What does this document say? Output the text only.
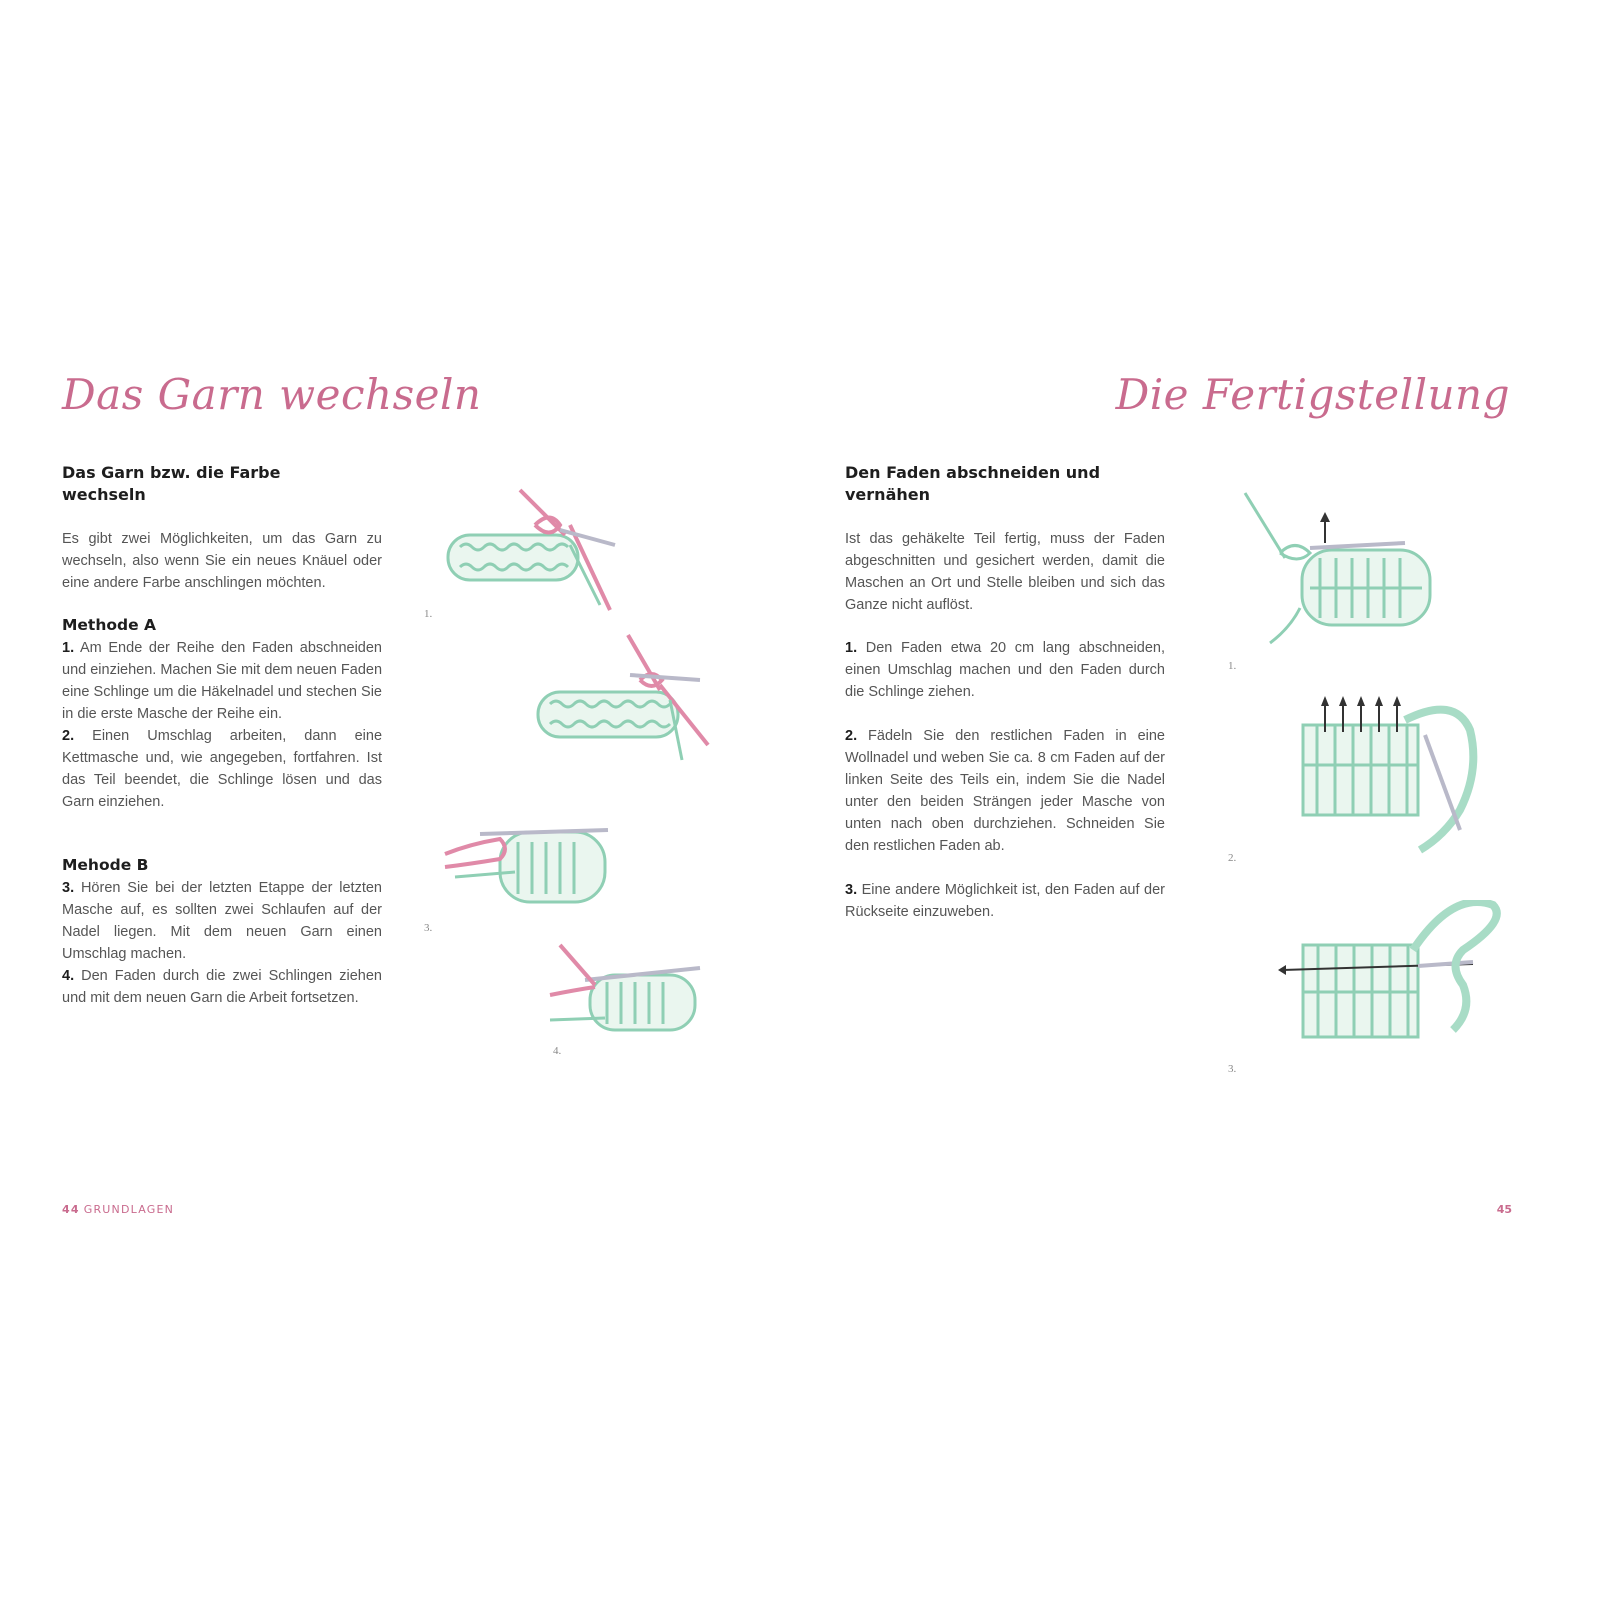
Das Garn wechseln
Das Garn bzw. die Farbe
wechseln

Es gibt zwei Möglichkeiten, um das Garn zu wechseln, also wenn Sie ein neues Knäuel oder eine andere Farbe anschlingen möchten.

Methode A
1. Am Ende der Reihe den Faden abschneiden und einziehen. Machen Sie mit dem neuen Faden eine Schlinge um die Häkelnadel und stechen Sie in die erste Masche der Reihe ein.
2. Einen Umschlag arbeiten, dann eine Kettmasche und, wie angegeben, fortfahren. Ist das Teil beendet, die Schlinge lösen und das Garn einziehen.
Mehode B
3. Hören Sie bei der letzten Etappe der letzten Masche auf, es sollten zwei Schlaufen auf der Nadel liegen. Mit dem neuen Garn einen Umschlag machen.
4. Den Faden durch die zwei Schlingen ziehen und mit dem neuen Garn die Arbeit fortsetzen.
1.
3.
4.
44 GRUNDLAGEN
Die Fertigstellung
Den Faden abschneiden und
vernähen

Ist das gehäkelte Teil fertig, muss der Faden abgeschnitten und gesichert werden, damit die Maschen an Ort und Stelle bleiben und sich das Ganze nicht auflöst.

1. Den Faden etwa 20 cm lang abschneiden, einen Umschlag machen und den Faden durch die Schlinge ziehen.
2. Fädeln Sie den restlichen Faden in eine Wollnadel und weben Sie ca. 8 cm Faden auf der linken Seite des Teils ein, indem Sie die Nadel unter den beiden Strängen jeder Masche von unten nach oben durchziehen. Schneiden Sie den restlichen Faden ab.
3. Eine andere Möglichkeit ist, den Faden auf der Rückseite einzuweben.
1.
2.
3.
45
